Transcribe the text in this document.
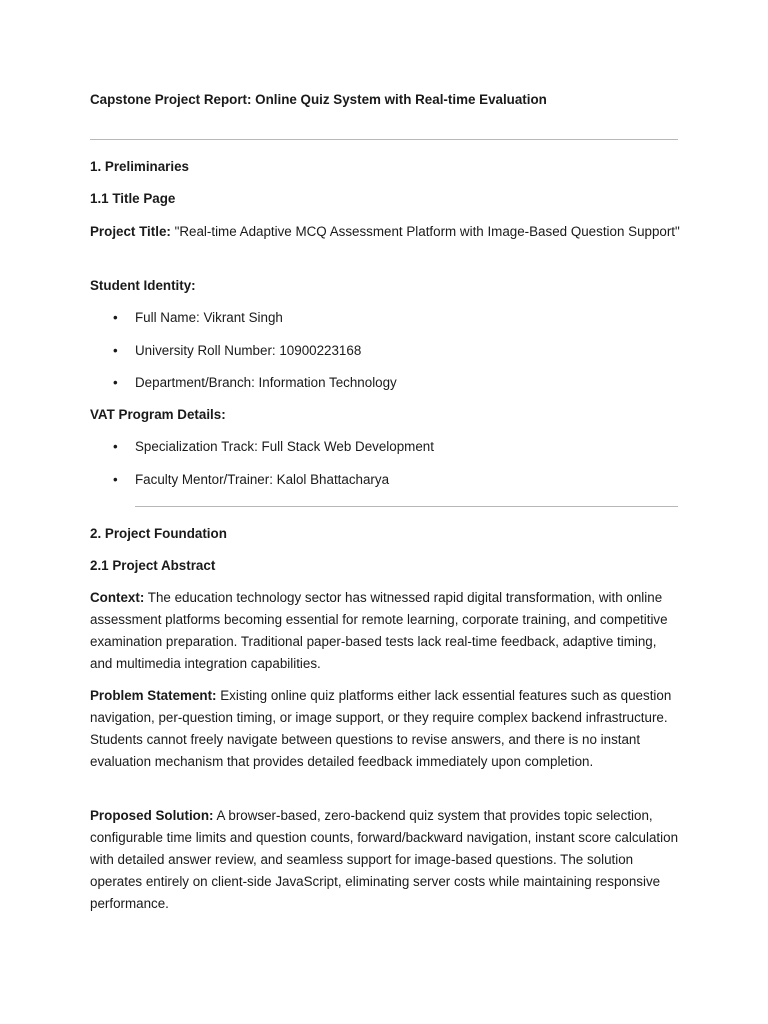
Capstone Project Report: Online Quiz System with Real-time Evaluation

1. Preliminaries

1.1 Title Page

Project Title: "Real-time Adaptive MCQ Assessment Platform with Image-Based Question Support"

Student Identity:

• Full Name: Vikrant Singh
• University Roll Number: 10900223168
• Department/Branch: Information Technology

VAT Program Details:

• Specialization Track: Full Stack Web Development
• Faculty Mentor/Trainer: Kalol Bhattacharya

2. Project Foundation

2.1 Project Abstract

Context: The education technology sector has witnessed rapid digital transformation, with online assessment platforms becoming essential for remote learning, corporate training, and competitive examination preparation. Traditional paper-based tests lack real-time feedback, adaptive timing, and multimedia integration capabilities.

Problem Statement: Existing online quiz platforms either lack essential features such as question navigation, per-question timing, or image support, or they require complex backend infrastructure. Students cannot freely navigate between questions to revise answers, and there is no instant evaluation mechanism that provides detailed feedback immediately upon completion.

Proposed Solution: A browser-based, zero-backend quiz system that provides topic selection, configurable time limits and question counts, forward/backward navigation, instant score calculation with detailed answer review, and seamless support for image-based questions. The solution operates entirely on client-side JavaScript, eliminating server costs while maintaining responsive performance.
